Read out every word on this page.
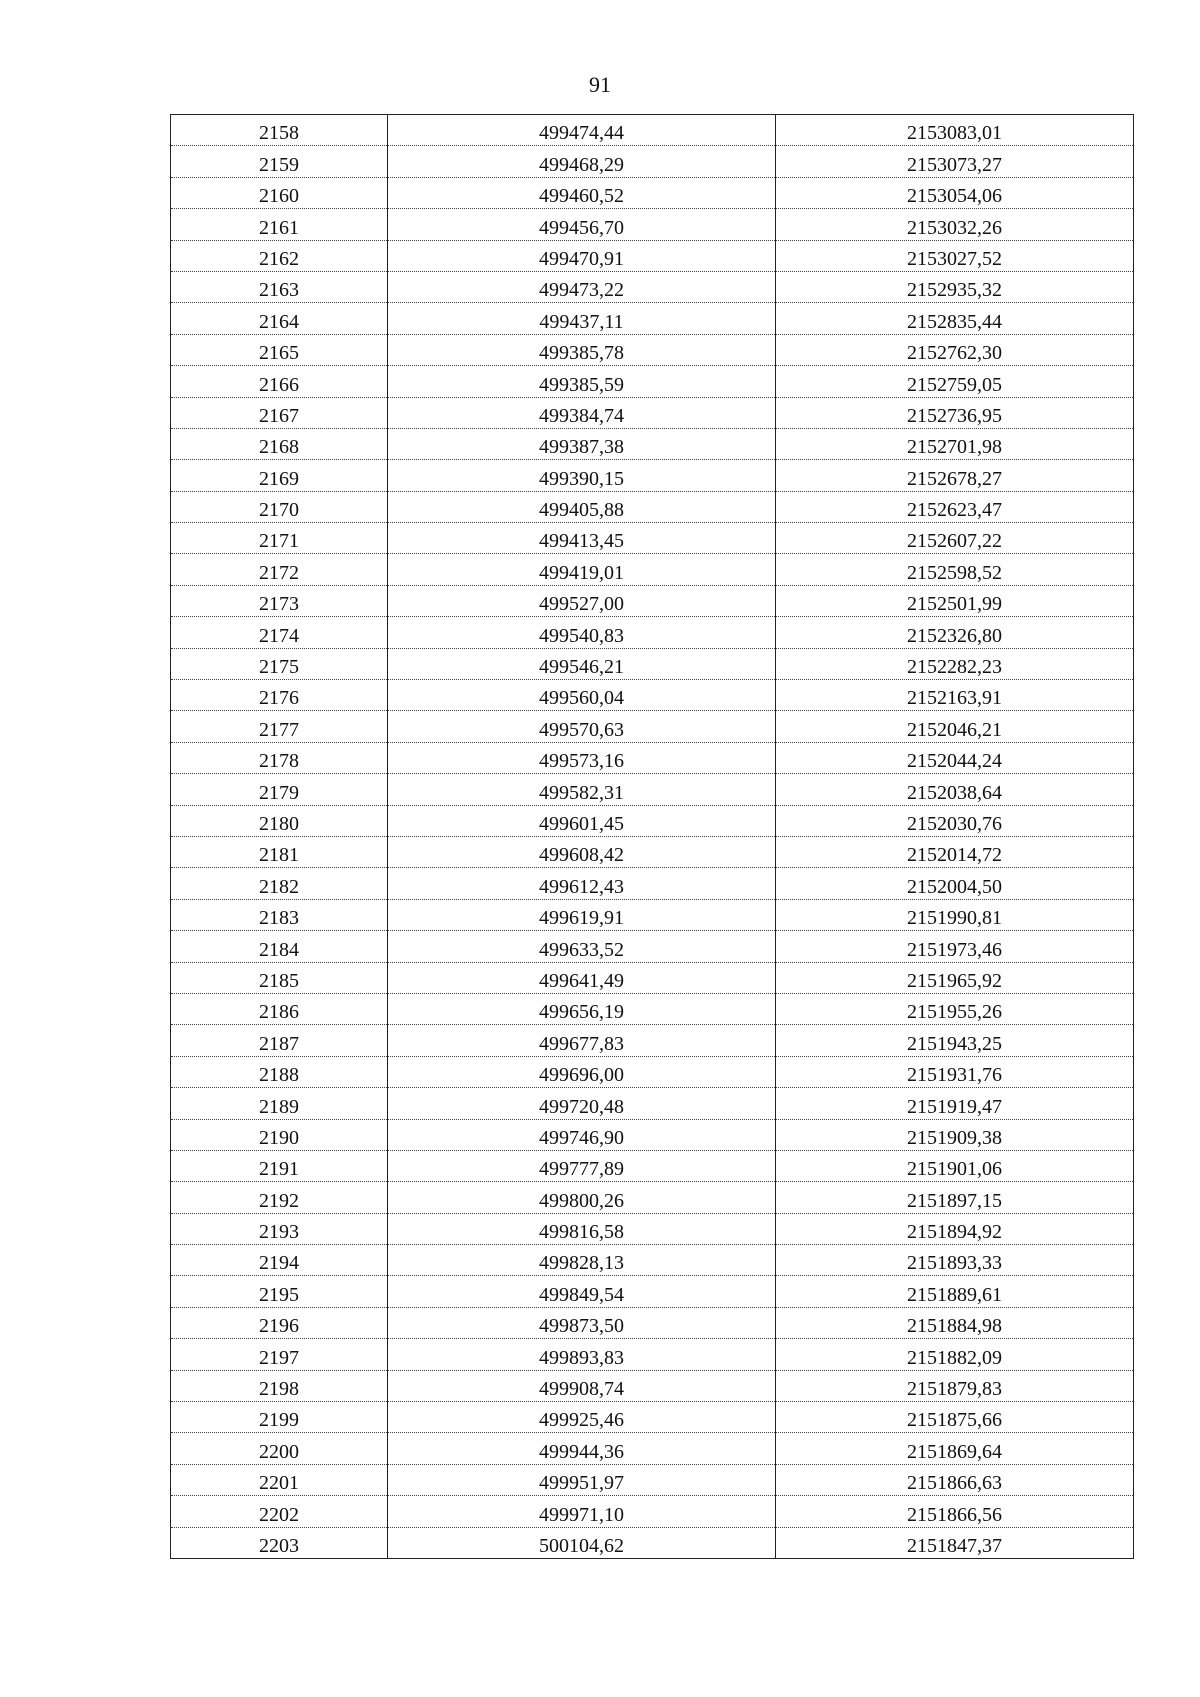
91
2158	499474,44	2153083,01
2159	499468,29	2153073,27
2160	499460,52	2153054,06
2161	499456,70	2153032,26
2162	499470,91	2153027,52
2163	499473,22	2152935,32
2164	499437,11	2152835,44
2165	499385,78	2152762,30
2166	499385,59	2152759,05
2167	499384,74	2152736,95
2168	499387,38	2152701,98
2169	499390,15	2152678,27
2170	499405,88	2152623,47
2171	499413,45	2152607,22
2172	499419,01	2152598,52
2173	499527,00	2152501,99
2174	499540,83	2152326,80
2175	499546,21	2152282,23
2176	499560,04	2152163,91
2177	499570,63	2152046,21
2178	499573,16	2152044,24
2179	499582,31	2152038,64
2180	499601,45	2152030,76
2181	499608,42	2152014,72
2182	499612,43	2152004,50
2183	499619,91	2151990,81
2184	499633,52	2151973,46
2185	499641,49	2151965,92
2186	499656,19	2151955,26
2187	499677,83	2151943,25
2188	499696,00	2151931,76
2189	499720,48	2151919,47
2190	499746,90	2151909,38
2191	499777,89	2151901,06
2192	499800,26	2151897,15
2193	499816,58	2151894,92
2194	499828,13	2151893,33
2195	499849,54	2151889,61
2196	499873,50	2151884,98
2197	499893,83	2151882,09
2198	499908,74	2151879,83
2199	499925,46	2151875,66
2200	499944,36	2151869,64
2201	499951,97	2151866,63
2202	499971,10	2151866,56
2203	500104,62	2151847,37
